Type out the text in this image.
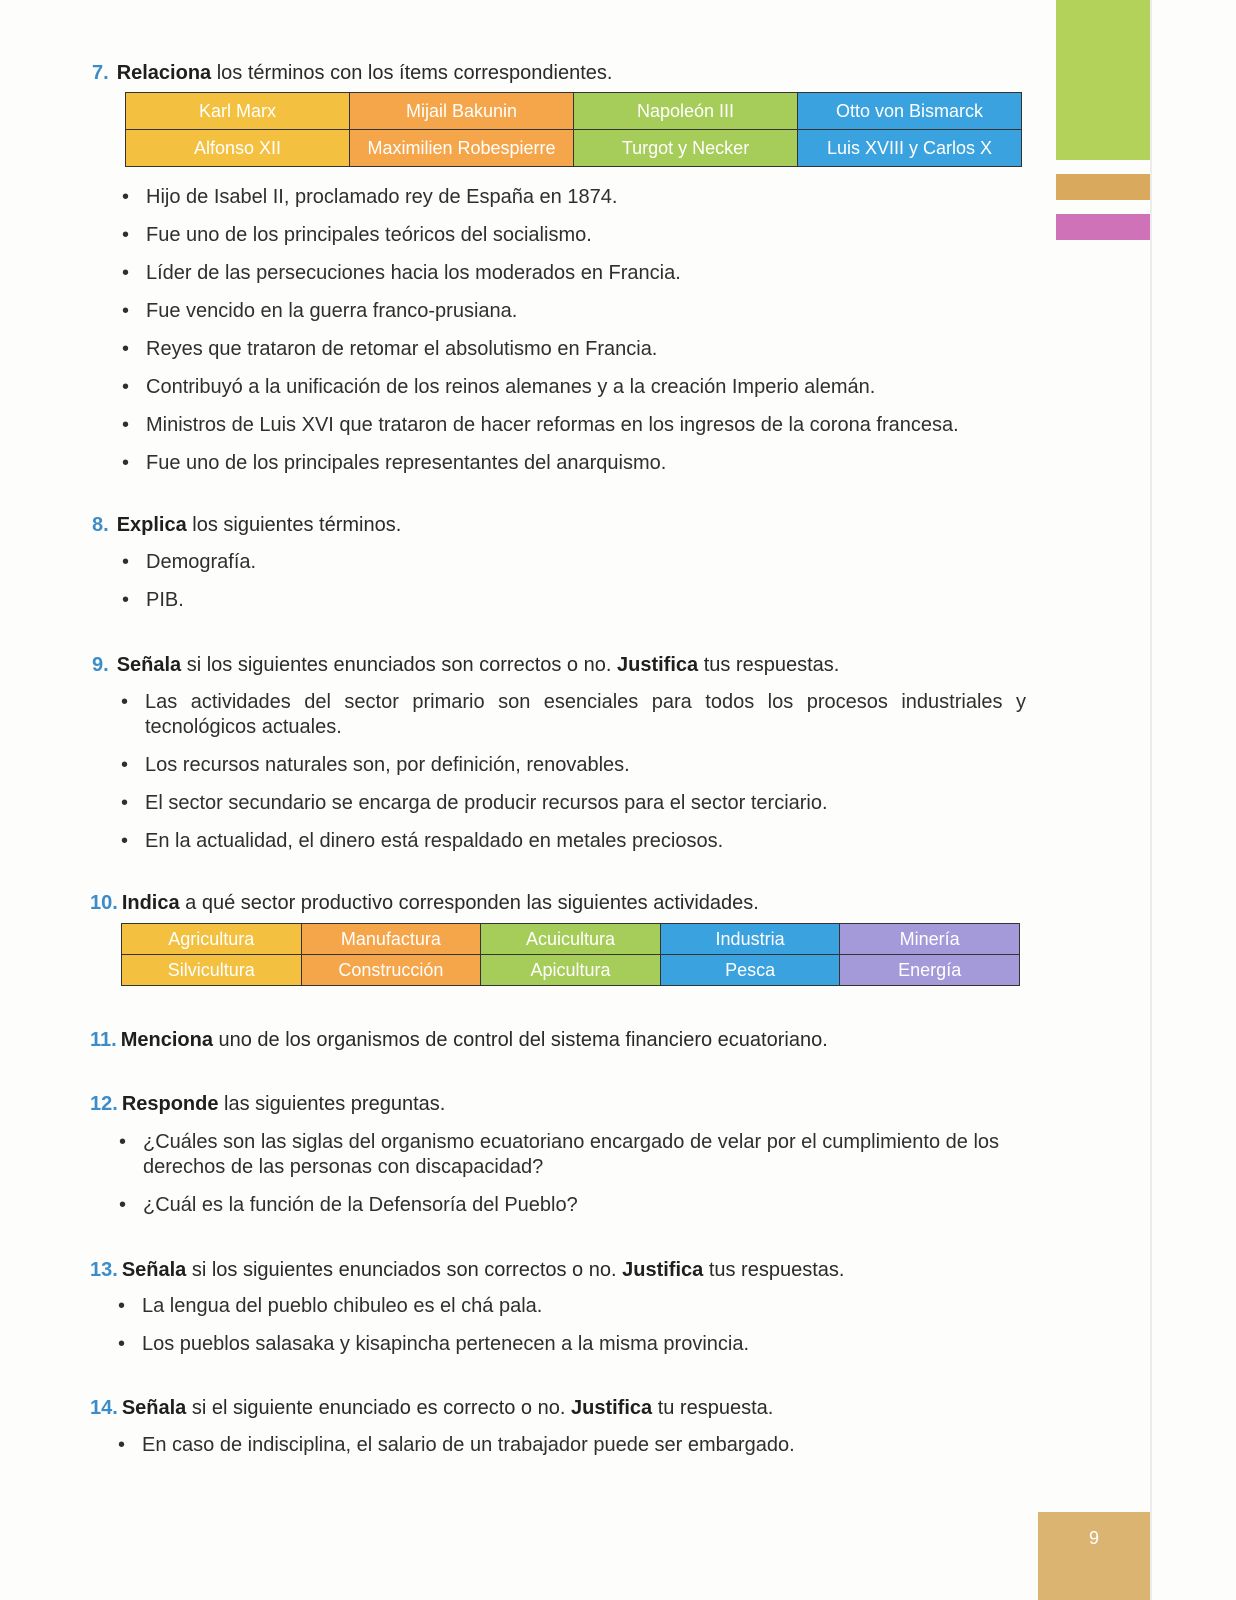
9
7. Relaciona los términos con los ítems correspondientes.
Karl Marx	Mijail Bakunin	Napoleón III	Otto von Bismarck
Alfonso XII	Maximilien Robespierre	Turgot y Necker	Luis XVIII y Carlos X
• Hijo de Isabel II, proclamado rey de España en 1874.
• Fue uno de los principales teóricos del socialismo.
• Líder de las persecuciones hacia los moderados en Francia.
• Fue vencido en la guerra franco-prusiana.
• Reyes que trataron de retomar el absolutismo en Francia.
• Contribuyó a la unificación de los reinos alemanes y a la creación Imperio alemán.
• Ministros de Luis XVI que trataron de hacer reformas en los ingresos de la corona francesa.
• Fue uno de los principales representantes del anarquismo.
8. Explica los siguientes términos.
• Demografía.
• PIB.
9. Señala si los siguientes enunciados son correctos o no. Justifica tus respuestas.
• Las actividades del sector primario son esenciales para todos los procesos industriales y tecnológicos actuales.
• Los recursos naturales son, por definición, renovables.
• El sector secundario se encarga de producir recursos para el sector terciario.
• En la actualidad, el dinero está respaldado en metales preciosos.
10. Indica a qué sector productivo corresponden las siguientes actividades.
Agricultura	Manufactura	Acuicultura	Industria	Minería
Silvicultura	Construcción	Apicultura	Pesca	Energía
11. Menciona uno de los organismos de control del sistema financiero ecuatoriano.
12. Responde las siguientes preguntas.
• ¿Cuáles son las siglas del organismo ecuatoriano encargado de velar por el cumplimiento de los derechos de las personas con discapacidad?
• ¿Cuál es la función de la Defensoría del Pueblo?
13. Señala si los siguientes enunciados son correctos o no. Justifica tus respuestas.
• La lengua del pueblo chibuleo es el chá pala.
• Los pueblos salasaka y kisapincha pertenecen a la misma provincia.
14. Señala si el siguiente enunciado es correcto o no. Justifica tu respuesta.
• En caso de indisciplina, el salario de un trabajador puede ser embargado.
